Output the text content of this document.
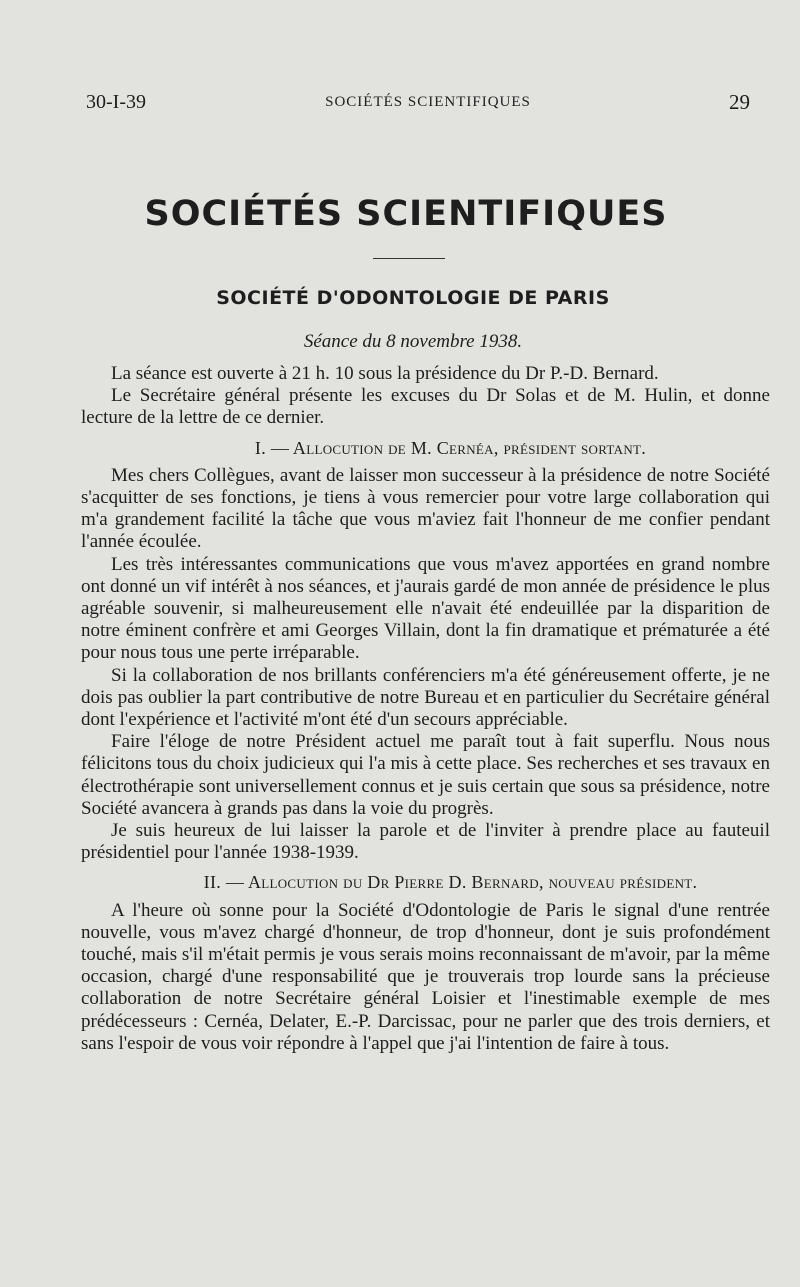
30-I-39	SOCIÉTÉS SCIENTIFIQUES	29
SOCIÉTÉS SCIENTIFIQUES
SOCIÉTÉ D'ODONTOLOGIE DE PARIS
Séance du 8 novembre 1938.

La séance est ouverte à 21 h. 10 sous la présidence du Dr P.-D. Bernard.

Le Secrétaire général présente les excuses du Dr Solas et de M. Hulin, et donne lecture de la lettre de ce dernier.

I. — Allocution de M. Cernéa, président sortant.

Mes chers Collègues, avant de laisser mon successeur à la présidence de notre Société s'acquitter de ses fonctions, je tiens à vous remercier pour votre large collaboration qui m'a grandement facilité la tâche que vous m'aviez fait l'honneur de me confier pendant l'année écoulée.

Les très intéressantes communications que vous m'avez apportées en grand nombre ont donné un vif intérêt à nos séances, et j'aurais gardé de mon année de présidence le plus agréable souvenir, si malheureusement elle n'avait été endeuillée par la disparition de notre éminent confrère et ami Georges Villain, dont la fin dramatique et prématurée a été pour nous tous une perte irréparable.

Si la collaboration de nos brillants conférenciers m'a été généreusement offerte, je ne dois pas oublier la part contributive de notre Bureau et en particulier du Secrétaire général dont l'expérience et l'activité m'ont été d'un secours appréciable.

Faire l'éloge de notre Président actuel me paraît tout à fait superflu. Nous nous félicitons tous du choix judicieux qui l'a mis à cette place. Ses recherches et ses travaux en électrothérapie sont universellement connus et je suis certain que sous sa présidence, notre Société avancera à grands pas dans la voie du progrès.

Je suis heureux de lui laisser la parole et de l'inviter à prendre place au fauteuil présidentiel pour l'année 1938-1939.

II. — Allocution du Dr Pierre D. Bernard, nouveau président.

A l'heure où sonne pour la Société d'Odontologie de Paris le signal d'une rentrée nouvelle, vous m'avez chargé d'honneur, de trop d'honneur, dont je suis profondément touché, mais s'il m'était permis je vous serais moins reconnaissant de m'avoir, par la même occasion, chargé d'une responsabilité que je trouverais trop lourde sans la précieuse collaboration de notre Secrétaire général Loisier et l'inestimable exemple de mes prédécesseurs : Cernéa, Delater, E.-P. Darcissac, pour ne parler que des trois derniers, et sans l'espoir de vous voir répondre à l'appel que j'ai l'intention de faire à tous.
